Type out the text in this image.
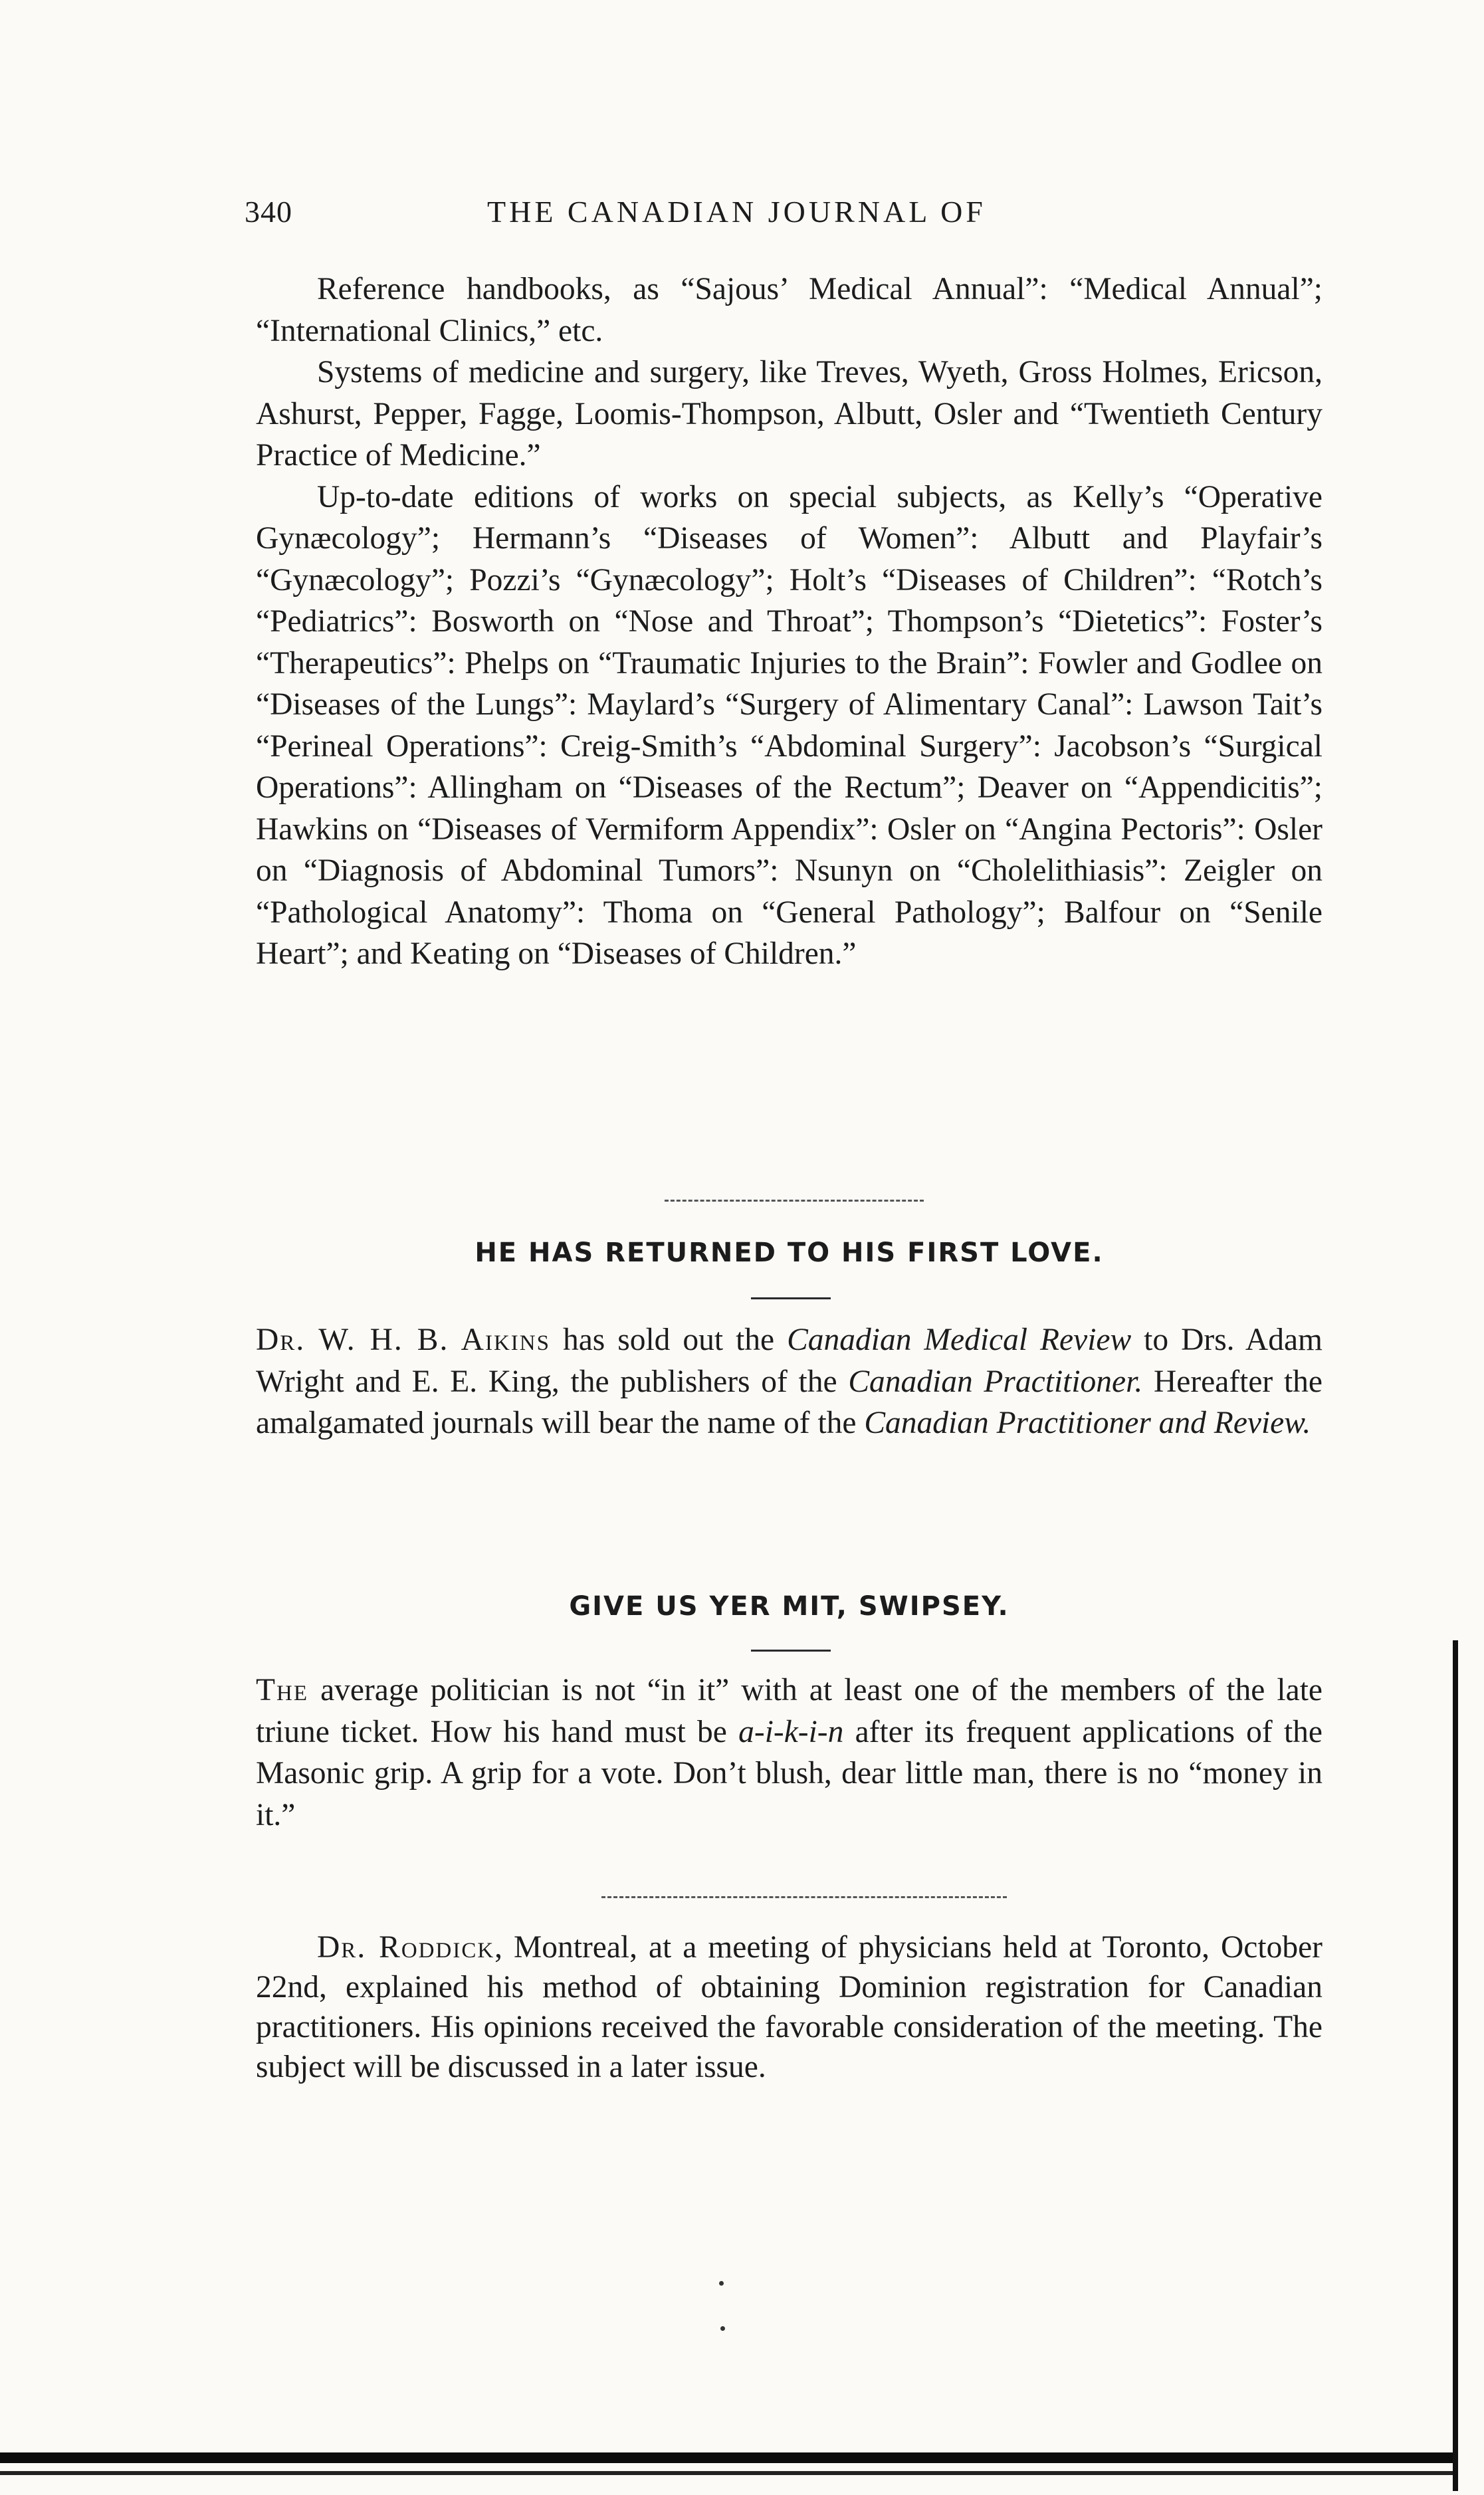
340	THE CANADIAN JOURNAL OF

Reference handbooks, as “Sajous’ Medical Annual”: “Medical Annual”; “International Clinics,” etc.

Systems of medicine and surgery, like Treves, Wyeth, Gross Holmes, Ericson, Ashurst, Pepper, Fagge, Loomis-Thompson, Albutt, Osler and “Twentieth Century Practice of Medicine.”

Up-to-date editions of works on special subjects, as Kelly’s “Operative Gynæcology”; Hermann’s “Diseases of Women”: Albutt and Playfair’s “Gynæcology”; Pozzi’s “Gynæcology”; Holt’s “Diseases of Children”: “Rotch’s “Pediatrics”: Bosworth on “Nose and Throat”; Thompson’s “Dietetics”: Foster’s “Therapeutics”: Phelps on “Traumatic Injuries to the Brain”: Fowler and Godlee on “Diseases of the Lungs”: Maylard’s “Surgery of Alimentary Canal”: Lawson Tait’s “Perineal Operations”: Creig-Smith’s “Abdominal Surgery”: Jacobson’s “Surgical Operations”: Allingham on “Diseases of the Rectum”; Deaver on “Appendicitis”; Hawkins on “Diseases of Vermiform Appendix”: Osler on “Angina Pectoris”: Osler on “Diagnosis of Abdominal Tumors”: Nsunyn on “Cholelithiasis”: Zeigler on “Pathological Anatomy”: Thoma on “General Pathology”; Balfour on “Senile Heart”; and Keating on “Diseases of Children.”

HE HAS RETURNED TO HIS FIRST LOVE.

Dr. W. H. B. Aikins has sold out the Canadian Medical Review to Drs. Adam Wright and E. E. King, the publishers of the Canadian Practitioner. Hereafter the amalgamated journals will bear the name of the Canadian Practitioner and Review.

GIVE US YER MIT, SWIPSEY.

The average politician is not “in it” with at least one of the members of the late triune ticket. How his hand must be a-i-k-i-n after its frequent applications of the Masonic grip. A grip for a vote. Don’t blush, dear little man, there is no “money in it.”

Dr. Roddick, Montreal, at a meeting of physicians held at Toronto, October 22nd, explained his method of obtaining Dominion registration for Canadian practitioners. His opinions received the favorable consideration of the meeting. The subject will be discussed in a later issue.
